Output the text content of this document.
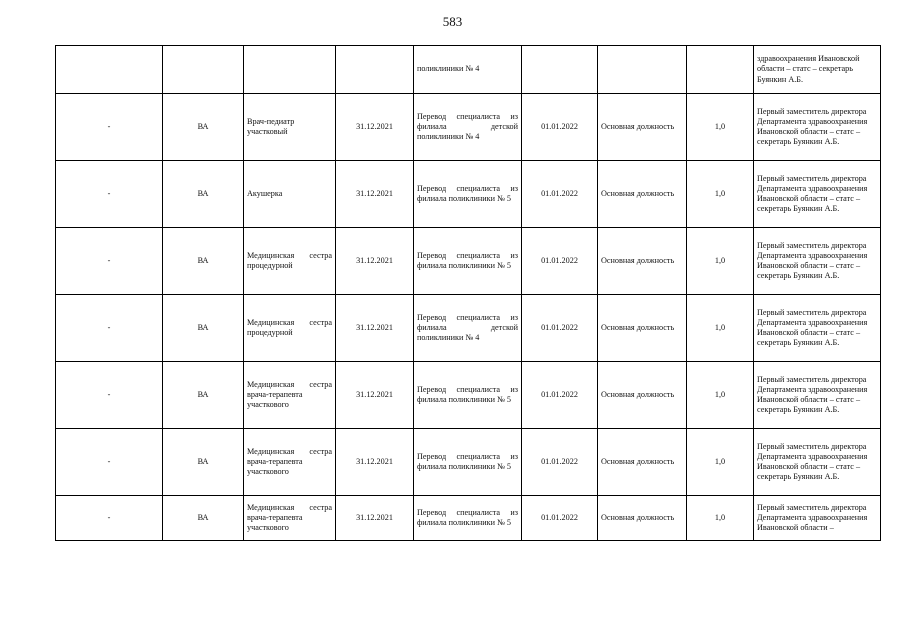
583
				поликлиники № 4				здравоохранения Ивановской области – статс – секретарь Буянкин А.Б.
-	ВА	Врач-педиатр участковый	31.12.2021	Перевод специалиста из филиала детской поликлиники № 4	01.01.2022	Основная должность	1,0	Первый заместитель директора Департамента здравоохранения Ивановской области – статс – секретарь Буянкин А.Б.
-	ВА	Акушерка	31.12.2021	Перевод специалиста из филиала поликлиники № 5	01.01.2022	Основная должность	1,0	Первый заместитель директора Департамента здравоохранения Ивановской области – статс – секретарь Буянкин А.Б.
-	ВА	Медицинская сестра процедурной	31.12.2021	Перевод специалиста из филиала поликлиники № 5	01.01.2022	Основная должность	1,0	Первый заместитель директора Департамента здравоохранения Ивановской области – статс – секретарь Буянкин А.Б.
-	ВА	Медицинская сестра процедурной	31.12.2021	Перевод специалиста из филиала детской поликлиники № 4	01.01.2022	Основная должность	1,0	Первый заместитель директора Департамента здравоохранения Ивановской области – статс – секретарь Буянкин А.Б.
-	ВА	Медицинская сестра врача-терапевта участкового	31.12.2021	Перевод специалиста из филиала поликлиники № 5	01.01.2022	Основная должность	1,0	Первый заместитель директора Департамента здравоохранения Ивановской области – статс – секретарь Буянкин А.Б.
-	ВА	Медицинская сестра врача-терапевта участкового	31.12.2021	Перевод специалиста из филиала поликлиники № 5	01.01.2022	Основная должность	1,0	Первый заместитель директора Департамента здравоохранения Ивановской области – статс – секретарь Буянкин А.Б.
-	ВА	Медицинская сестра врача-терапевта участкового	31.12.2021	Перевод специалиста из филиала поликлиники № 5	01.01.2022	Основная должность	1,0	Первый заместитель директора Департамента здравоохранения Ивановской области –
